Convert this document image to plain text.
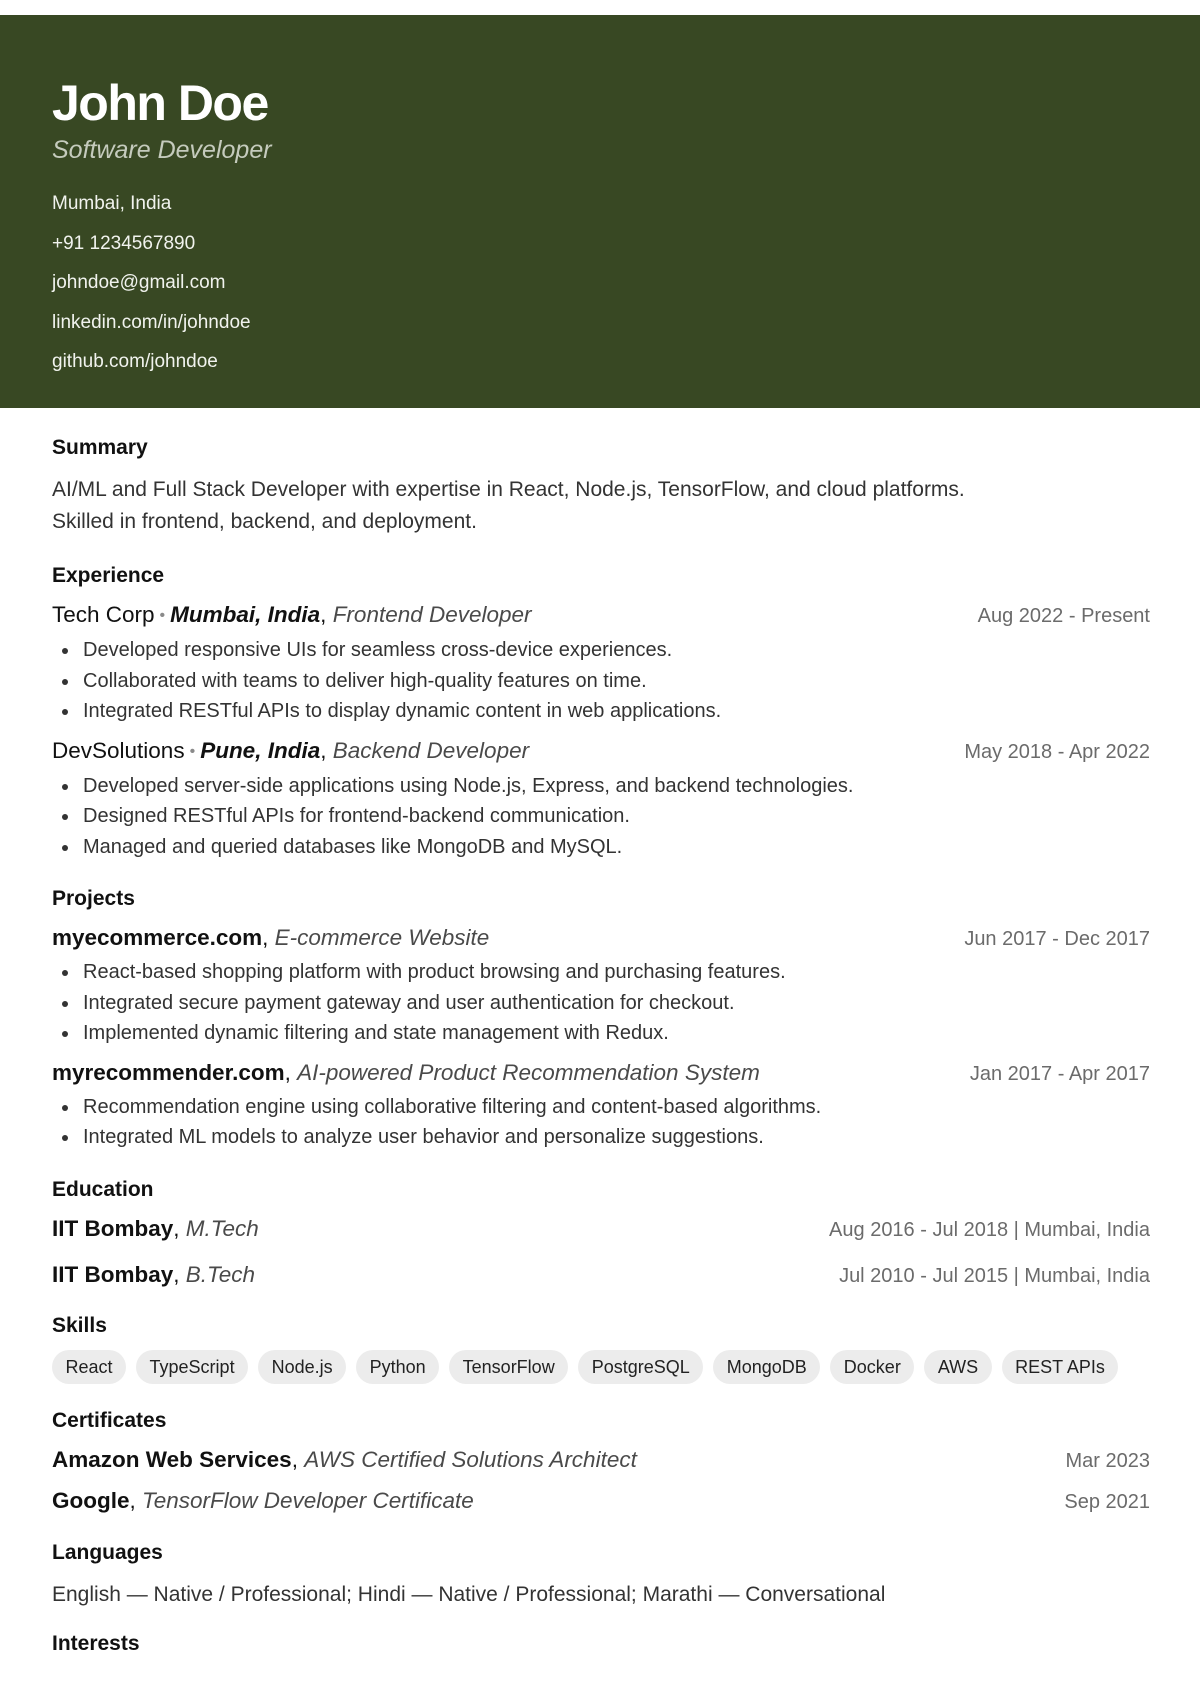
John Doe
Software Developer
Mumbai, India
+91 1234567890
johndoe@gmail.com
linkedin.com/in/johndoe
github.com/johndoe
Summary
AI/ML and Full Stack Developer with expertise in React, Node.js, TensorFlow, and cloud platforms.
Skilled in frontend, backend, and deployment.
Experience
Tech Corp • Mumbai, India, Frontend Developer	Aug 2022 - Present
Developed responsive UIs for seamless cross-device experiences.
Collaborated with teams to deliver high-quality features on time.
Integrated RESTful APIs to display dynamic content in web applications.
DevSolutions • Pune, India, Backend Developer	May 2018 - Apr 2022
Developed server-side applications using Node.js, Express, and backend technologies.
Designed RESTful APIs for frontend-backend communication.
Managed and queried databases like MongoDB and MySQL.
Projects
myecommerce.com, E-commerce Website	Jun 2017 - Dec 2017
React-based shopping platform with product browsing and purchasing features.
Integrated secure payment gateway and user authentication for checkout.
Implemented dynamic filtering and state management with Redux.
myrecommender.com, AI-powered Product Recommendation System	Jan 2017 - Apr 2017
Recommendation engine using collaborative filtering and content-based algorithms.
Integrated ML models to analyze user behavior and personalize suggestions.
Education
IIT Bombay, M.Tech	Aug 2016 - Jul 2018 | Mumbai, India
IIT Bombay, B.Tech	Jul 2010 - Jul 2015 | Mumbai, India
Skills
React	TypeScript	Node.js	Python	TensorFlow	PostgreSQL	MongoDB	Docker	AWS	REST APIs
Certificates
Amazon Web Services, AWS Certified Solutions Architect	Mar 2023
Google, TensorFlow Developer Certificate	Sep 2021
Languages
English — Native / Professional; Hindi — Native / Professional; Marathi — Conversational
Interests
